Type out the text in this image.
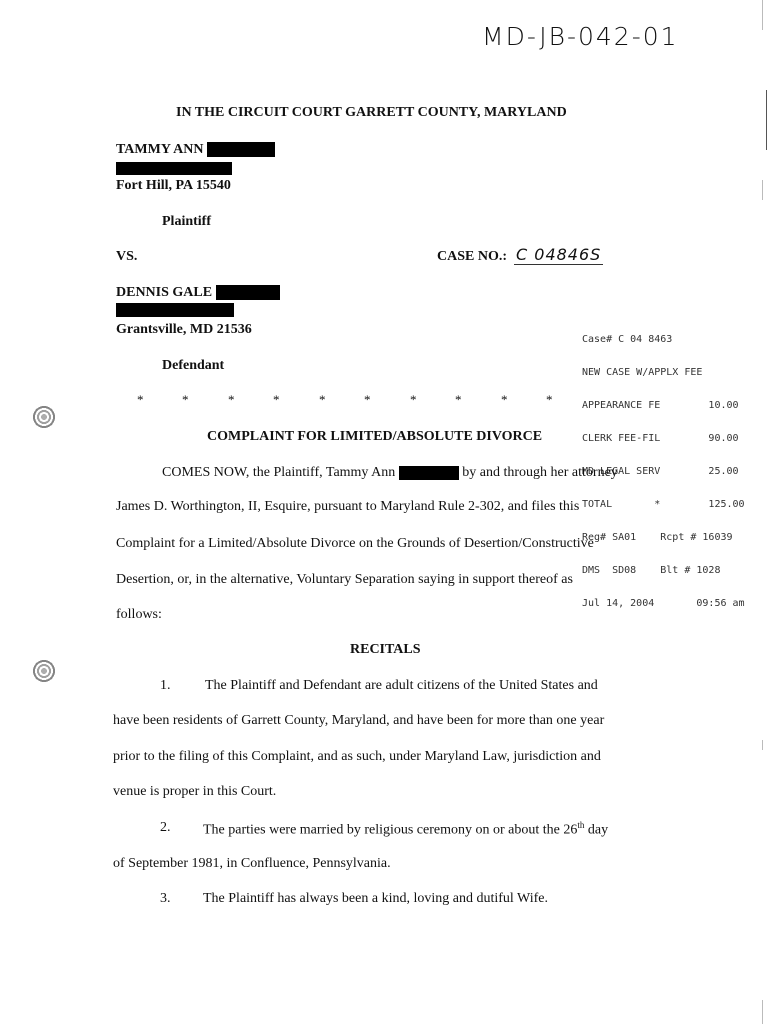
MD-JB-042-01
IN THE CIRCUIT COURT GARRETT COUNTY, MARYLAND
TAMMY ANN
Fort Hill, PA 15540
Plaintiff
VS.	CASE NO.: C 04846S
DENNIS GALE
Grantsville, MD 21536
Defendant

Case# C 04 8463

NEW CASE W/APPLX FEE

APPEARANCE FE        10.00

CLERK FEE-FIL        90.00

MD LEGAL SERV        25.00

TOTAL       *        125.00

Reg# SA01    Rcpt # 16039

DMS  SD08    Blt # 1028

Jul 14, 2004       09:56 am

*	*	*	*	*	*	*	*	*	*
COMPLAINT FOR LIMITED/ABSOLUTE DIVORCE
COMES NOW, the Plaintiff, Tammy Ann	by and through her attorney
James D. Worthington, II, Esquire, pursuant to Maryland Rule 2-302, and files this
Complaint for a Limited/Absolute Divorce on the Grounds of Desertion/Constructive
Desertion, or, in the alternative, Voluntary Separation saying in support thereof as
follows:
RECITALS
1. The Plaintiff and Defendant are adult citizens of the United States and
have been residents of Garrett County, Maryland, and have been for more than one year
prior to the filing of this Complaint, and as such, under Maryland Law, jurisdiction and
venue is proper in this Court.
2. The parties were married by religious ceremony on or about the 26th day
of September 1981, in Confluence, Pennsylvania.
3. The Plaintiff has always been a kind, loving and dutiful Wife.
